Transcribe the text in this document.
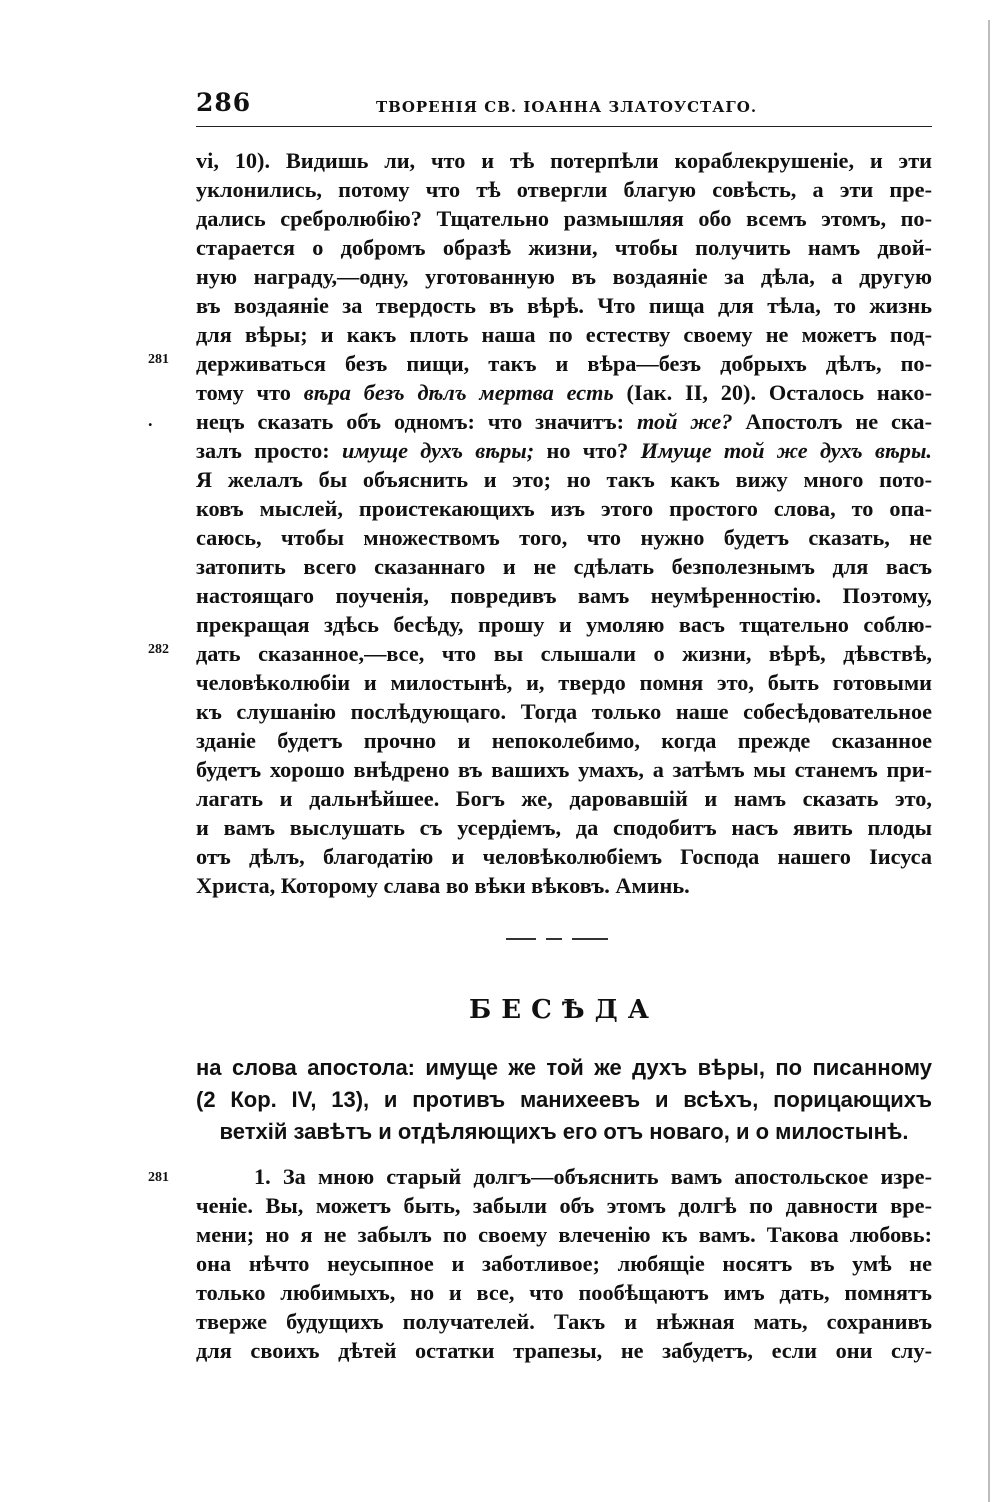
286	ТВОРЕНІЯ СВ. ІОАННА ЗЛАТОУСТАГО.
vi, 10). Видишь ли, что и тѣ потерпѣли кораблекрушеніе, и эти
уклонились, потому что тѣ отвергли благую совѣсть, а эти пре-
дались сребролюбію? Тщательно размышляя обо всемъ этомъ, по-
старается о добромъ образѣ жизни, чтобы получить намъ двой-
ную награду,—одну, уготованную въ воздаяніе за дѣла, а другую
въ воздаяніе за твердость въ вѣрѣ. Что пища для тѣла, то жизнь
для вѣры; и какъ плоть наша по естеству своему не можетъ под-
держиваться безъ пищи, такъ и вѣра—безъ добрыхъ дѣлъ, по-
тому что вѣра безъ дѣлъ мертва есть (Іак. II, 20). Осталось нако-
нецъ сказать объ одномъ: что значитъ: той же? Апостолъ не ска-
залъ просто: имуще духъ вѣры; но что? Имуще той же духъ вѣры.
Я желалъ бы объяснить и это; но такъ какъ вижу много пото-
ковъ мыслей, проистекающихъ изъ этого простого слова, то опа-
саюсь, чтобы множествомъ того, что нужно будетъ сказать, не
затопить всего сказаннаго и не сдѣлать безполезнымъ для васъ
настоящаго поученія, повредивъ вамъ неумѣренностію. Поэтому,
прекращая здѣсь бесѣду, прошу и умоляю васъ тщательно соблю-
дать сказанное,—все, что вы слышали о жизни, вѣрѣ, дѣвствѣ,
человѣколюбіи и милостынѣ, и, твердо помня это, быть готовыми
къ слушанію послѣдующаго. Тогда только наше собесѣдовательное
зданіе будетъ прочно и непоколебимо, когда прежде сказанное
будетъ хорошо внѣдрено въ вашихъ умахъ, а затѣмъ мы станемъ при-
лагать и дальнѣйшее. Богъ же, даровавшій и намъ сказать это,
и вамъ выслушать съ усердіемъ, да сподобитъ насъ явить плоды
отъ дѣлъ, благодатію и человѣколюбіемъ Господа нашего Іисуса
Христа, Которому слава во вѣки вѣковъ. Аминь.
281
.
282
БЕСѢДА
на слова апостола: имуще же той же духъ вѣры, по писанному
(2 Кор. IV, 13), и противъ манихеевъ и всѣхъ, порицающихъ
ветхій завѣтъ и отдѣляющихъ его отъ новаго, и о милостынѣ.
281	1. За мною старый долгъ—объяснить вамъ апостольское изре-
ченіе. Вы, можетъ быть, забыли объ этомъ долгѣ по давности вре-
мени; но я не забылъ по своему влеченію къ вамъ. Такова любовь:
она нѣчто неусыпное и заботливое; любящіе носятъ въ умѣ не
только любимыхъ, но и все, что пообѣщаютъ имъ дать, помнятъ
тверже будущихъ получателей. Такъ и нѣжная мать, сохранивъ
для своихъ дѣтей остатки трапезы, не забудетъ, если они слу-
